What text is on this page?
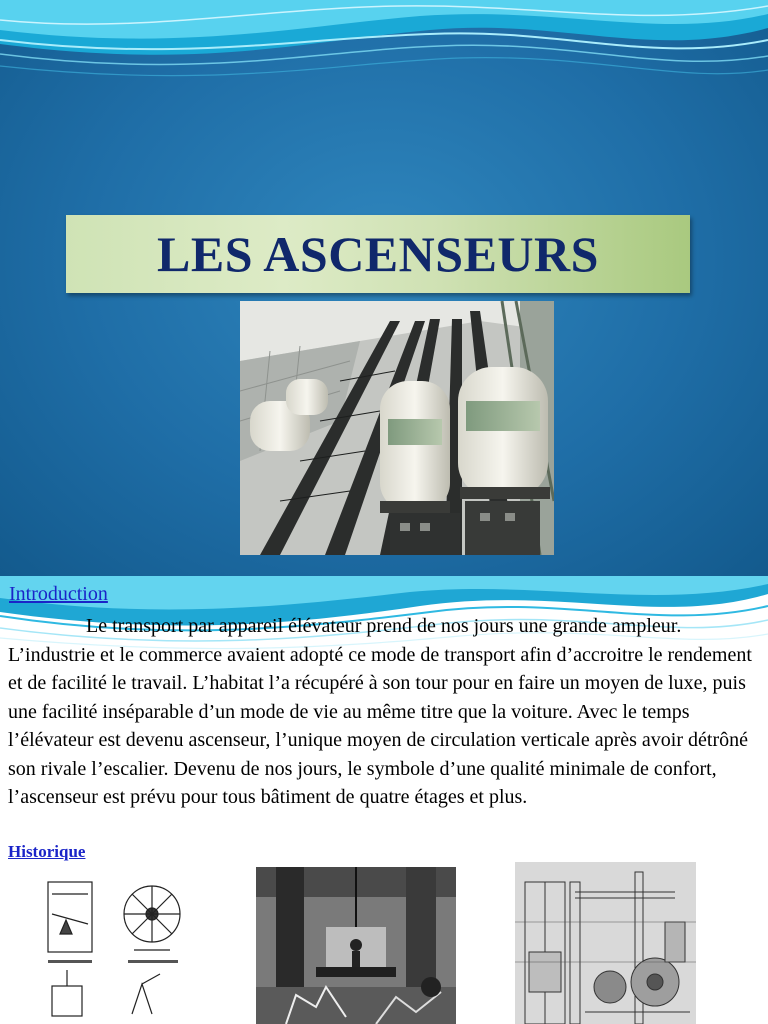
LES ASCENSEURS
Introduction

Le transport par appareil élévateur prend de nos jours une grande ampleur. L’industrie et le commerce avaient adopté ce mode de transport afin d’accroitre le rendement et de facilité le travail. L’habitat l’a récupéré à son tour pour en faire un moyen de luxe, puis une facilité inséparable d’un mode de vie au même titre que la voiture. Avec le temps l’élévateur est devenu ascenseur, l’unique moyen de circulation verticale après avoir détrôné son rivale l’escalier. Devenu de nos jours, le symbole d’une qualité minimale de confort, l’ascenseur est prévu pour tous bâtiment de quatre étages et plus.

Historique
